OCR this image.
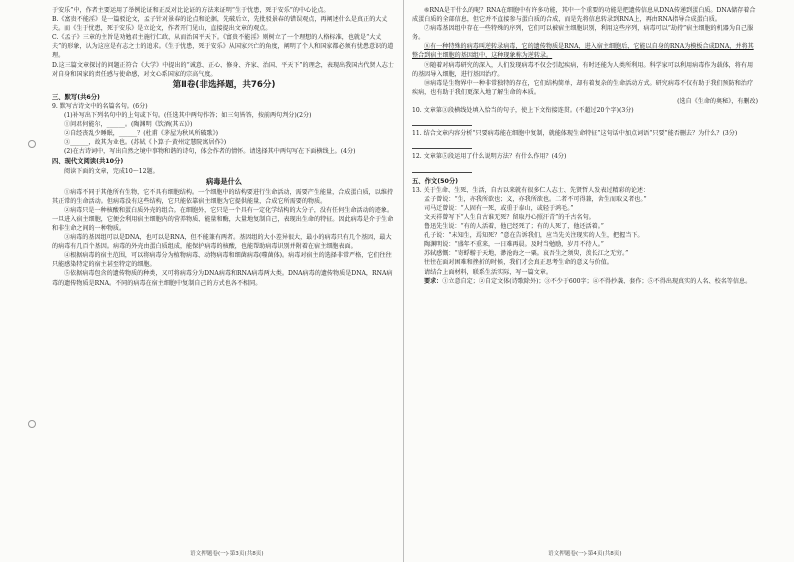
于安乐”中，作者主要运用了举例论证和正反对比论证的方法来证明“生于忧患，死于安乐”的中心论点。

B.《富贵不能淫》是一篇驳论文，孟子针对景春的论点和论据，先破后立，先批驳景春的错误观点，再阐述什么是真正的大丈夫。而《生于忧患，死于安乐》是立论文，作者开门见山，直接提出文章的观点。

C.《孟子》三章的主旨是劝勉君主施行仁政，从而治国平天下。《富贵不能淫》则树立了一个理想的人格标准，也就是“大丈夫”的形象，认为这应是有志之士的追求。《生于忧患，死于安乐》从国家兴亡的角度，阐明了个人和国家都必须有忧患意识的道理。

D.这三篇文章探讨的问题正符合《大学》中提出的“诚意、正心、修身、齐家、治国、平天下”的理念，表现出我国古代贤人志士对自身和国家的责任感与使命感，对文心系国家的宗高气度。

第Ⅱ卷(非选择题，共76分)

三、默写(共6分)

9. 默写古诗文中的名篇名句。(6分)

(1)补写出下列名句中的上句或下句。(任选其中两句作答；如三句皆答，按前两句判分)(2分)

①问君何能尔，______。(陶渊明《饮酒(其五)》)

②自经丧乱少睡眠，______？(杜甫《茅屋为秋风所破歌》)

③______，故其为业也。(苏轼《卜算子·黄州定慧院寓居作》)

(2)在古诗词中，写出自然之境中事物和谐的诗句，体会作者的情怀。请选择其中两句写在下面横线上。(4分)

四、现代文阅读(共10分)

阅读下面的文章，完成10～12题。

病毒是什么

①病毒不同于其他所有生物，它不具有细胞结构。一个细胞中的结构要进行生命活动，需要产生能量，合成蛋白质，以维持其正常的生命活动。但病毒没有这些结构，它只能依靠宿主细胞为它提供能量，合成它所需要的物质。

②病毒只是一种核酸和蛋白质外壳的组合。在细胞外，它只是一个具有一定化学结构的大分子，没有任何生命活动的迹象。一旦进入宿主细胞，它便会利用宿主细胞内的营养物质、能量和酶，大量地复制自己，表现出生命的特征。因此病毒是介于生命和非生命之间的一种物质。

③病毒的基因组可以是DNA，也可以是RNA，但不能兼有两者。基因组的大小差异很大，最小的病毒只有几个基因，最大的病毒有几百个基因。病毒的外壳由蛋白质组成，能保护病毒的核酸，也能帮助病毒识别并附着在宿主细胞表面。

④根据病毒的宿主范围，可以将病毒分为植物病毒、动物病毒和细菌病毒(噬菌体)。病毒对宿主的选择非常严格，它们往往只能感染特定的宿主甚至特定的细胞。

⑤依据病毒包含的遗传物质的种类，又可将病毒分为DNA病毒和RNA病毒两大类。DNA病毒的遗传物质是DNA，RNA病毒的遗传物质是RNA。不同的病毒在宿主细胞中复制自己的方式也各不相同。

⑥RNA是干什么的呢？RNA在细胞中有许多功能，其中一个重要的功能是把遗传信息从DNA传递到蛋白质。DNA储存着合成蛋白质的全部信息，但它并不直接参与蛋白质的合成，而是先将信息转录到RNA上，再由RNA指导合成蛋白质。

⑦病毒基因组中存在一些特殊的序列，它们可以被宿主细胞识别，利用这些序列，病毒可以“劫持”宿主细胞的机器为自己服务。

⑧有一种特殊的病毒叫逆转录病毒，它的遗传物质是RNA，进入宿主细胞后，它能以自身的RNA为模板合成DNA，并将其整合到宿主细胞的基因组中，这种现象称为逆转录。

⑨随着对病毒研究的深入，人们发现病毒不仅会引起疾病，有时还能为人类所利用。科学家可以利用病毒作为载体，将有用的基因导入细胞，进行基因治疗。

⑩病毒是生物界中一种非常独特的存在，它们结构简单，却有着复杂的生命活动方式。研究病毒不仅有助于我们预防和治疗疾病，也有助于我们更深入地了解生命的本质。

(选自《生命的奥秘》，有删改)

10. 文章第③段横线处填入恰当的句子，使上下文衔接连贯。(不超过20个字)(3分)

11. 结合文章内容分析“只要病毒能在细胞中复制，就能体现生命特征”这句话中加点词语“只要”能否删去？为什么？(3分)

12. 文章第⑤段运用了什么说明方法？有什么作用？(4分)

五、作文(50分)

13. 关于生命、生死、生活，自古以来就有很多仁人志士、先贤哲人发表过精彩的论述：

孟子曾说：“生，亦我所欲也；义，亦我所欲也。二者不可得兼，舍生而取义者也。”

司马迁曾说：“人固有一死，或重于泰山，或轻于鸿毛。”

文天祥曾写下“人生自古谁无死？留取丹心照汗青”的千古名句。

鲁迅先生说：“有的人活着，他已经死了；有的人死了，他还活着。”

孔子说：“未知生，焉知死？”意在告诉我们，应当先关注现实的人生，把握当下。

陶渊明说：“盛年不重来，一日难再晨。及时当勉励，岁月不待人。”

苏轼感慨：“寄蜉蝣于天地，渺沧海之一粟。哀吾生之须臾，羡长江之无穷。”

往往在面对困难和挫折的时候，我们才会真正思考生命的意义与价值。

请结合上面材料，联系生活实际，写一篇文章。

要求：①立意自定；②自定文体(诗歌除外)；③不少于600字；④不得抄袭、套作；⑤不得出现真实的人名、校名等信息。

语文押题卷(一)·第3页(共8页)	语文押题卷(一)·第4页(共8页)
